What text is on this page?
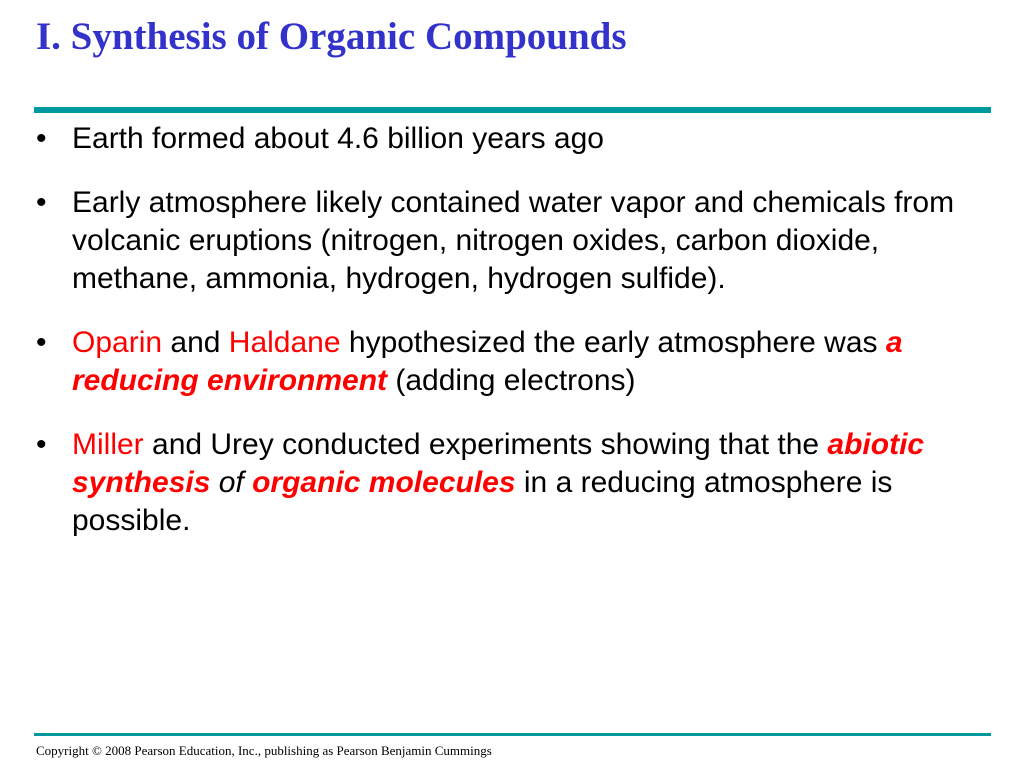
I. Synthesis of Organic Compounds
• Earth formed about 4.6 billion years ago
• Early atmosphere likely contained water vapor and chemicals from volcanic eruptions (nitrogen, nitrogen oxides, carbon dioxide, methane, ammonia, hydrogen, hydrogen sulfide).
• Oparin and Haldane hypothesized the early atmosphere was a reducing environment (adding electrons)
• Miller and Urey conducted experiments showing that the abiotic synthesis of organic molecules in a reducing atmosphere is possible.
Copyright © 2008 Pearson Education, Inc., publishing as Pearson Benjamin Cummings
